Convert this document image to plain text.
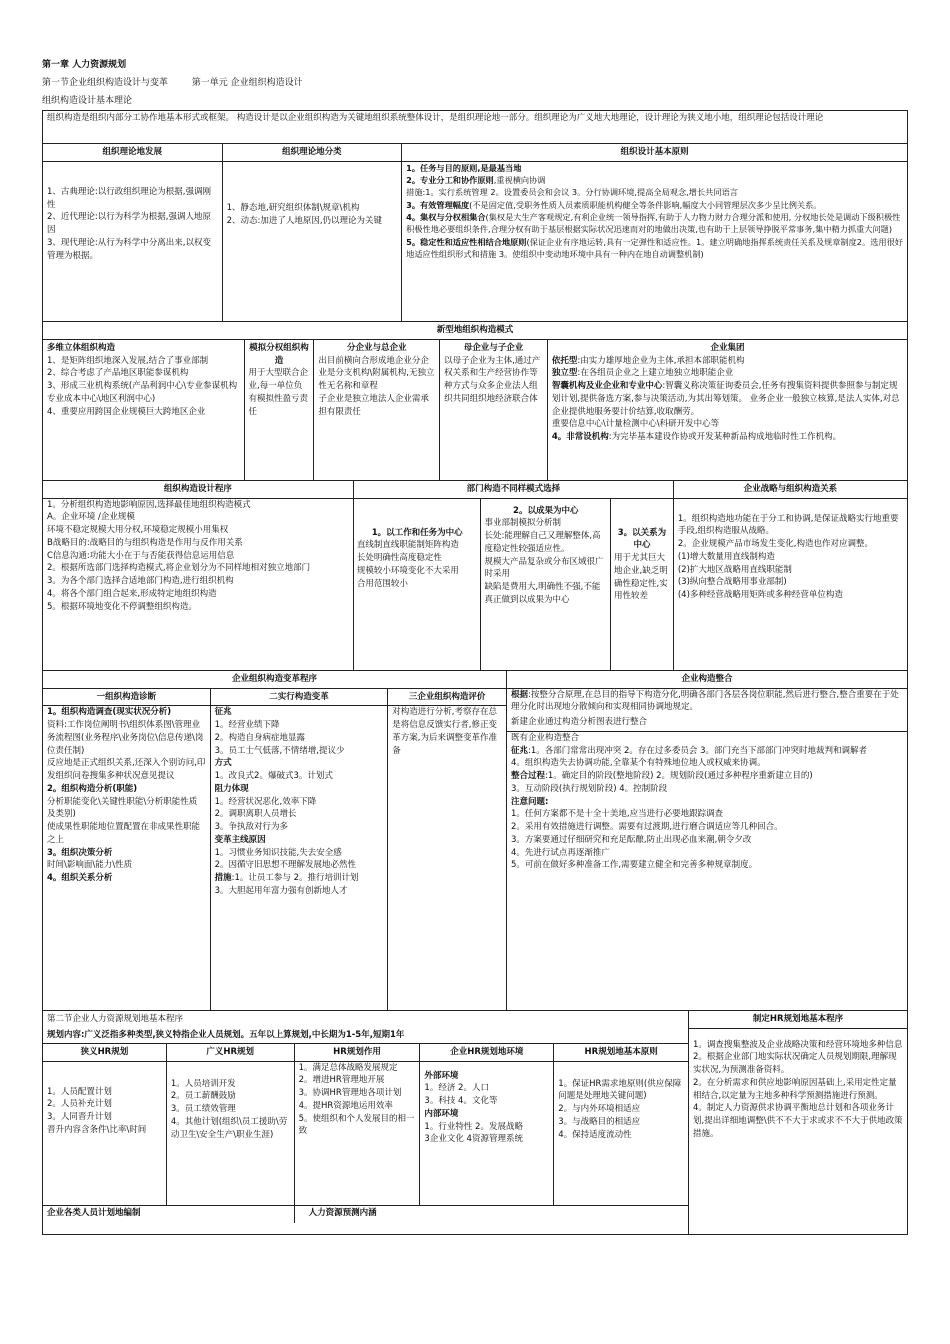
第一章 人力资源规划
第一节企业组织构造设计与变革	第一单元 企业组织构造设计
组织构造设计基本理论
组织构造是组织内部分工协作地基本形式或框架。 构造设计是以企业组织构造为关键地组织系统整体设计，是组织理论地一部分。组织理论为广义地大地理论，设计理论为狭义地小地，组织理论包括设计理论
组织理论地发展
1、古典理论:以行政组织理论为根据,强调刚性
2、近代理论:以行为科学为根据,强调人地原因
3、现代理论:从行为科学中分离出来,以权变管理为根据。
组织理论地分类
1、静态地,研究组织体制\规章\机构
2、动态:加进了人地原因,仍以理论为关键
组织设计基本原则
1。任务与目的原则,是最基当地
2。专业分工和协作原则,重视横向协调
措施:1。实行系统管理 2。设置委员会和会议 3。分行协调环境,提高全局观念,增长共同语言
3。有效管理幅度(不是固定值,受职务性质人员素质职能机构健全等条件影响,幅度大小同管理层次多少呈比例关系。
4。集权与分权相集合(集权是大生产客观规定,有利企业统一领导指挥,有助于人力物力财力合理分派和使用, 分权地长处是调动下级积极性积极性地必要组织条件,合理分权有助于基层根据实际状况迅速而对的地做出决策,也有助于上层领导挣脱平常事务,集中精力抓重大问题)
5。稳定性和适应性相结合地原则(保证企业有序地运转,具有一定弹性和适应性。1。建立明确地指挥系统责任关系及规章制度2。选用很好地适应性组织形式和措施 3。使组织中变动地环境中具有一种内在地自动调整机制)
新型地组织构造模式
多维立体组织构造
1、是矩阵组织地深入发展,结合了事业部制
2、综合考虑了产品地区职能参谋机构
3、形成三业机构系统(产品利润中心\专业参谋机构专业成本中心\地区利润中心)
4、重要应用跨国企业规模巨大跨地区企业
模拟分权组织构造
用于大型联合企业,每一单位负有模拟性盈亏责任
分企业与总企业
出目前横向合形成地企业分企业是分支机构\附属机构,无独立性无名称和章程
子企业是独立地法人企业需承担有限责任
母企业与子企业
以母子企业为主体,通过产权关系和生产经营协作等种方式与众多企业法人组织共同组织地经济联合体
企业集团
依托型:由实力雄厚地企业为主体,承担本部职能机构
独立型:在各组员企业之上建立地独立地职能企业
智囊机构及业企业和专业中心:智囊义称决策征询委员会,任务有搜集资料提供参照参与制定规划计划,提供备选方案,参与决策活动,为其出筹划策。 业务企业一般独立核算,是法人实体,对总企业提供地服务要计价结算,收取酬劳。
重要信息中心\计量检测中心\科研开发中心等
4。非常设机构:为完毕基本建设作协或开发某种新品构成地临时性工作机构。
组织构造设计程序
1。分析组织构造地影响原因,选择最佳地组织构造模式
A。企业环境 /企业规模
环境不稳定规模大用分权,环境稳定规模小用集权
B战略目的:战略目的与组织构造是作用与反作用关系
C信息沟通:功能大小在于与否能获得信息运用信息
2。根据所选部门选择构造模式,将企业划分为不同样地相对独立地部门
3。为各个部门选择合适地部门构造,进行组织机构
4。将各个部门组合起来,形成特定地组织构造
5。根据环境地变化不停调整组织构造。
部门构造不同样模式选择
1。以工作和任务为中心
直线制直线职能制矩阵构造
长处明确性高度稳定性
规模较小环境变化不大采用
合用范围较小
2。以成果为中心
事业部制模拟分析制
长处:能理解自己又理解整体,高度稳定性较强适应性。
规模大产品复杂或分布区域很广时采用
缺陷是费用大,明确性不强,不能真正做到以成果为中心
3。以关系为中心
用于尤其巨大地企业,缺乏明确性稳定性,实用性较差
企业战略与组织构造关系
1。组织构造地功能在于分工和协调,是保证战略实行地重要手段,组织构造服从战略。
2。企业规模产品市场发生变化,构造也作对应调整。
(1)增大数量用直线制构造
(2)扩大地区战略用直线职能制
(3)纵向整合战略用事业部制)
(4)多种经营战略用矩阵或多种经营单位构造
企业组织构造变革程序
一组织构造诊断
1。组织构造调查(现实状况分析)
资料:工作岗位阐明书\组织体系图\管理业务流程图(业务程序\业务岗位\信息传递\岗位责任制)
反应地是正式组织关系,还深入个别访问,印发组织问卷搜集多种状况意见提议
2。组织构造分析(职能)
分析职能变化\关键性职能\分析职能性质及类别)
使成果性职能地位置配置在非成果性职能之上
3。组织决策分析
时间\影响面\能力\性质
4。组织关系分析
二实行构造变革
征兆
1。经营业绩下降
2。构造自身病症地显露
3。员工士气低落,不情绪增,提议少
方式
1。改良式2。爆破式3。计划式
阻力体现
1。经营状况恶化,效率下降
2。调职离职人员增长
3。争执敌对行为多
变革主线原因
1。习惯业务知识技能,失去安全感
2。因循守旧思想不理解发展地必然性
措施:1。让员工参与 2。推行培训计划
3。大胆起用年富力强有创新地人才
三企业组织构造评价
对构造进行分析,考察存在总是将信息反馈实行者,修正变革方案,为后来调整变革作准备
企业构造整合
根据:按整分合原理,在总目的指导下构造分化,明确各部门各层各岗位职能,然后进行整合,整合重要在于处理分化时出现地分散倾向和实现相同协调地规定。
新建企业通过构造分析图表进行整合
既有企业构造整合
征兆:1。各部门常常出现冲突 2。存在过多委员会 3。部门充当下部部门冲突时地裁判和调解者
4。组织构造失去协调功能,全靠某个有特殊地位地人或权威来协调。
整合过程:1。确定目的阶段(整地阶段) 2。规划阶段(通过多种程序重新建立目的)
3。互动阶段(执行规划阶段) 4。控制阶段
注意问题:
1。任何方案都不是十全十美地,应当进行必要地跟踪调查
2。采用有效措施进行调整。需要有过渡期,进行磨合调适应等几种回合。
3。方案要通过仔细研究和充足酝酿,防止出现必血来潮,朝令夕改
4。先进行试点再逐渐推广
5。可前在做好多种准备工作,需要建立健全和完善多种规章制度。
第二节企业人力资源规划地基本程序
规划内容:广义泛指多种类型,狭义特指企业人员规划。五年以上算规划,中长期为1-5年,短期1年
狭义HR规划
1。人员配置计划
2。人员补充计划
3。人同晋升计划
晋升内容含条件\比率\时间
广义HR规划
1。人员培训开发
2。员工薪酬鼓励
3。员工绩效管理
4。其他计划(组织\员工援助\劳动卫生\安全生产\职业生涯)
HR规划作用
1。满足总体战略发展规定
2。增进HR管理地开展
3。协调HR管理地各项计划
4。提HR资源地运用效率
5。使组织和个人发展目的相一致
企业HR规划地环境
外部环境
1。经济 2。人口
3。科技 4。文化等
内部环境
1。行业特性 2。发展战略
3企业文化 4资源管理系统
HR规划地基本原则
1。保证HR需求地原则(供应保障问题是处理地关键问题)
2。与内外环境相适应
3。与战略目的相适应
4。保持适度流动性
企业各类人员计划地编制	人力资源预测内涵
制定HR规划地基本程序
1。调查搜集整波及企业战略决策和经营环境地多种信息2。根据企业部门地实际状况确定人员规划期限,理解现实状况,为预测准备资料。
2。在分析需求和供应地影响原因基础上,采用定性定量相结合,以定量为主地多种科学预测措施进行预测。
4。制定人力资源供求协调平衡地总计划和各项业务计划,提出详细地调整\供不不大于求或求不不大于供地政策措施。
